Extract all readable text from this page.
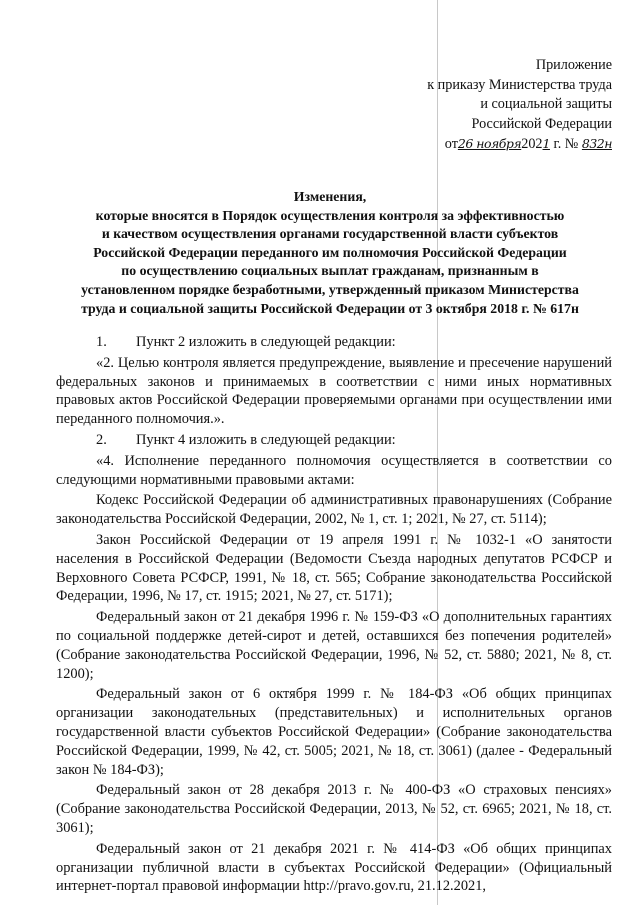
Приложение
к приказу Министерства труда
и социальной защиты
Российской Федерации
от26 ноября2021 г. № 832н
Изменения,
которые вносятся в Порядок осуществления контроля за эффективностью
и качеством осуществления органами государственной власти субъектов
Российской Федерации переданного им полномочия Российской Федерации
по осуществлению социальных выплат гражданам, признанным в
установленном порядке безработными, утвержденный приказом Министерства
труда и социальной защиты Российской Федерации от 3 октября 2018 г. № 617н

1. Пункт 2 изложить в следующей редакции:

«2. Целью контроля является предупреждение, выявление и пресечение нарушений федеральных законов и принимаемых в соответствии с ними иных нормативных правовых актов Российской Федерации проверяемыми органами при осуществлении ими переданного полномочия.».

2. Пункт 4 изложить в следующей редакции:

«4. Исполнение переданного полномочия осуществляется в соответствии со следующими нормативными правовыми актами:

Кодекс Российской Федерации об административных правонарушениях (Собрание законодательства Российской Федерации, 2002, № 1, ст. 1; 2021, № 27, ст. 5114);

Закон Российской Федерации от 19 апреля 1991 г. № 1032-1 «О занятости населения в Российской Федерации (Ведомости Съезда народных депутатов РСФСР и Верховного Совета РСФСР, 1991, № 18, ст. 565; Собрание законодательства Российской Федерации, 1996, № 17, ст. 1915; 2021, № 27, ст. 5171);

Федеральный закон от 21 декабря 1996 г. № 159-ФЗ «О дополнительных гарантиях по социальной поддержке детей-сирот и детей, оставшихся без попечения родителей» (Собрание законодательства Российской Федерации, 1996, № 52, ст. 5880; 2021, № 8, ст. 1200);

Федеральный закон от 6 октября 1999 г. № 184-ФЗ «Об общих принципах организации законодательных (представительных) и исполнительных органов государственной власти субъектов Российской Федерации» (Собрание законодательства Российской Федерации, 1999, № 42, ст. 5005; 2021, № 18, ст. 3061) (далее - Федеральный закон № 184-ФЗ);

Федеральный закон от 28 декабря 2013 г. № 400-ФЗ «О страховых пенсиях» (Собрание законодательства Российской Федерации, 2013, № 52, ст. 6965; 2021, № 18, ст. 3061);

Федеральный закон от 21 декабря 2021 г. № 414-ФЗ «Об общих принципах организации публичной власти в субъектах Российской Федерации» (Официальный интернет-портал правовой информации http://pravo.gov.ru, 21.12.2021,
